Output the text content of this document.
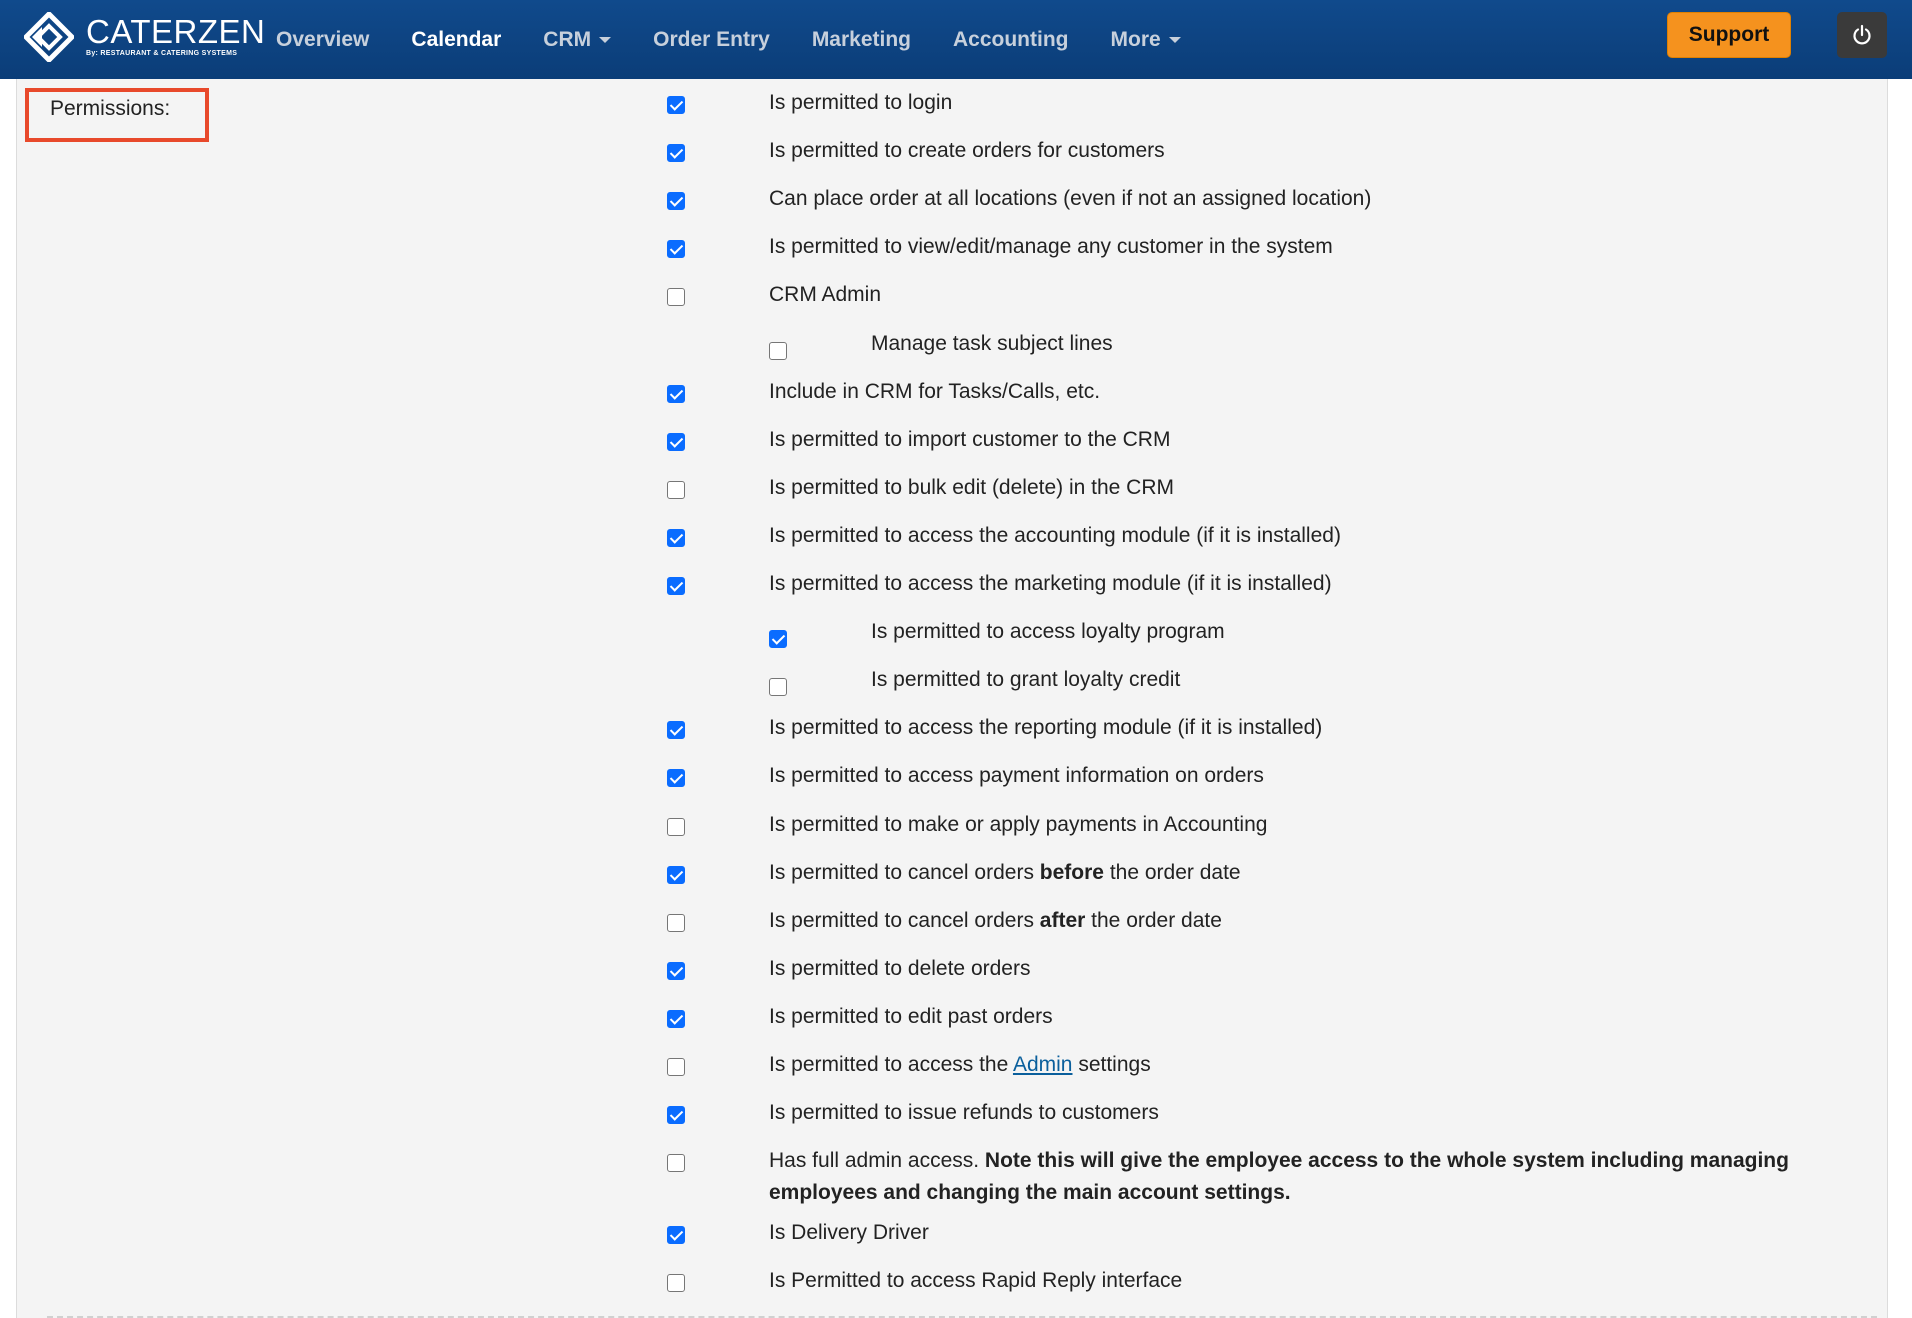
CATERZEN
By: RESTAURANT & CATERING SYSTEMS
Overview Calendar CRM	Order Entry Marketing Accounting More	Support
Permissions:	Is permitted to login
Is permitted to create orders for customers
Can place order at all locations (even if not an assigned location)
Is permitted to view/edit/manage any customer in the system
CRM Admin
Manage task subject lines
Include in CRM for Tasks/Calls, etc.
Is permitted to import customer to the CRM
Is permitted to bulk edit (delete) in the CRM
Is permitted to access the accounting module (if it is installed)
Is permitted to access the marketing module (if it is installed)
Is permitted to access loyalty program
Is permitted to grant loyalty credit
Is permitted to access the reporting module (if it is installed)
Is permitted to access payment information on orders
Is permitted to make or apply payments in Accounting
Is permitted to cancel orders before the order date
Is permitted to cancel orders after the order date
Is permitted to delete orders
Is permitted to edit past orders
Is permitted to access the Admin settings
Is permitted to issue refunds to customers
Has full admin access. Note this will give the employee access to the whole system including managing employees and changing the main account settings.
Is Delivery Driver
Is Permitted to access Rapid Reply interface
